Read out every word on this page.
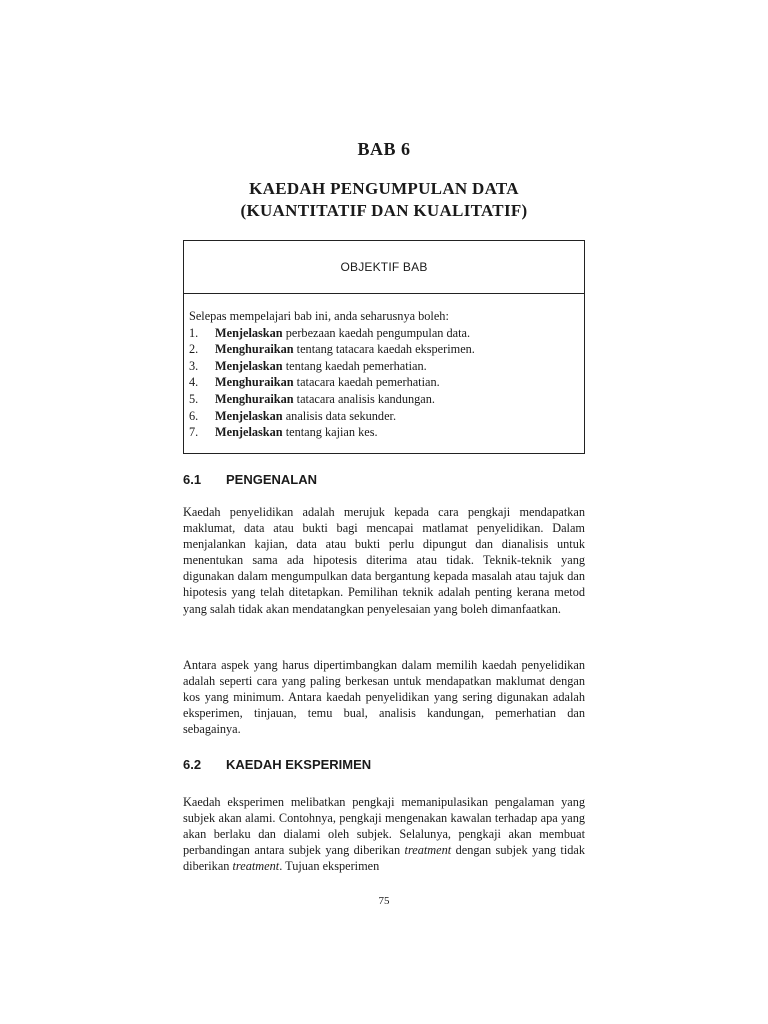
BAB 6
KAEDAH PENGUMPULAN DATA
(KUANTITATIF DAN KUALITATIF)
OBJEKTIF BAB
Selepas mempelajari bab ini, anda seharusnya boleh:
1.	Menjelaskan perbezaan kaedah pengumpulan data.
2.	Menghuraikan tentang tatacara kaedah eksperimen.
3.	Menjelaskan tentang kaedah pemerhatian.
4.	Menghuraikan tatacara kaedah pemerhatian.
5.	Menghuraikan tatacara analisis kandungan.
6.	Menjelaskan analisis data sekunder.
7.	Menjelaskan tentang kajian kes.
6.1	PENGENALAN
Kaedah penyelidikan adalah merujuk kepada cara pengkaji mendapatkan maklumat, data atau bukti bagi mencapai matlamat penyelidikan. Dalam menjalankan kajian, data atau bukti perlu dipungut dan dianalisis untuk menentukan sama ada hipotesis diterima atau tidak. Teknik-teknik yang digunakan dalam mengumpulkan data bergantung kepada masalah atau tajuk dan hipotesis yang telah ditetapkan. Pemilihan teknik adalah penting kerana metod yang salah tidak akan mendatangkan penyelesaian yang boleh dimanfaatkan.
Antara aspek yang harus dipertimbangkan dalam memilih kaedah penyelidikan adalah seperti cara yang paling berkesan untuk mendapatkan maklumat dengan kos yang minimum. Antara kaedah penyelidikan yang sering digunakan adalah eksperimen, tinjauan, temu bual, analisis kandungan, pemerhatian dan sebagainya.
6.2	KAEDAH EKSPERIMEN
Kaedah eksperimen melibatkan pengkaji memanipulasikan pengalaman yang subjek akan alami. Contohnya, pengkaji mengenakan kawalan terhadap apa yang akan berlaku dan dialami oleh subjek. Selalunya, pengkaji akan membuat perbandingan antara subjek yang diberikan treatment dengan subjek yang tidak diberikan treatment. Tujuan eksperimen
75
